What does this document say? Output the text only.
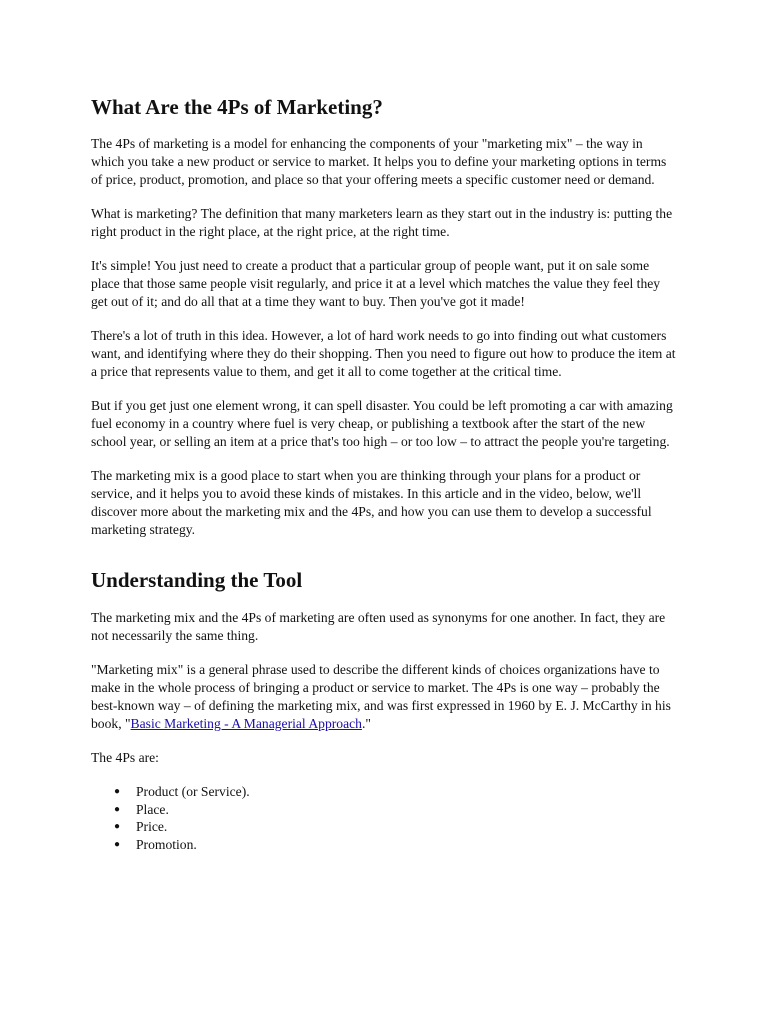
What Are the 4Ps of Marketing?

The 4Ps of marketing is a model for enhancing the components of your "marketing mix" – the way in which you take a new product or service to market. It helps you to define your marketing options in terms of price, product, promotion, and place so that your offering meets a specific customer need or demand.

What is marketing? The definition that many marketers learn as they start out in the industry is: putting the right product in the right place, at the right price, at the right time.

It's simple! You just need to create a product that a particular group of people want, put it on sale some place that those same people visit regularly, and price it at a level which matches the value they feel they get out of it; and do all that at a time they want to buy. Then you've got it made!

There's a lot of truth in this idea. However, a lot of hard work needs to go into finding out what customers want, and identifying where they do their shopping. Then you need to figure out how to produce the item at a price that represents value to them, and get it all to come together at the critical time.

But if you get just one element wrong, it can spell disaster. You could be left promoting a car with amazing fuel economy in a country where fuel is very cheap, or publishing a textbook after the start of the new school year, or selling an item at a price that's too high – or too low – to attract the people you're targeting.

The marketing mix is a good place to start when you are thinking through your plans for a product or service, and it helps you to avoid these kinds of mistakes. In this article and in the video, below, we'll discover more about the marketing mix and the 4Ps, and how you can use them to develop a successful marketing strategy.

Understanding the Tool

The marketing mix and the 4Ps of marketing are often used as synonyms for one another. In fact, they are not necessarily the same thing.

"Marketing mix" is a general phrase used to describe the different kinds of choices organizations have to make in the whole process of bringing a product or service to market. The 4Ps is one way – probably the best-known way – of defining the marketing mix, and was first expressed in 1960 by E. J. McCarthy in his book, "Basic Marketing - A Managerial Approach."

The 4Ps are:

● Product (or Service).
● Place.
● Price.
● Promotion.
